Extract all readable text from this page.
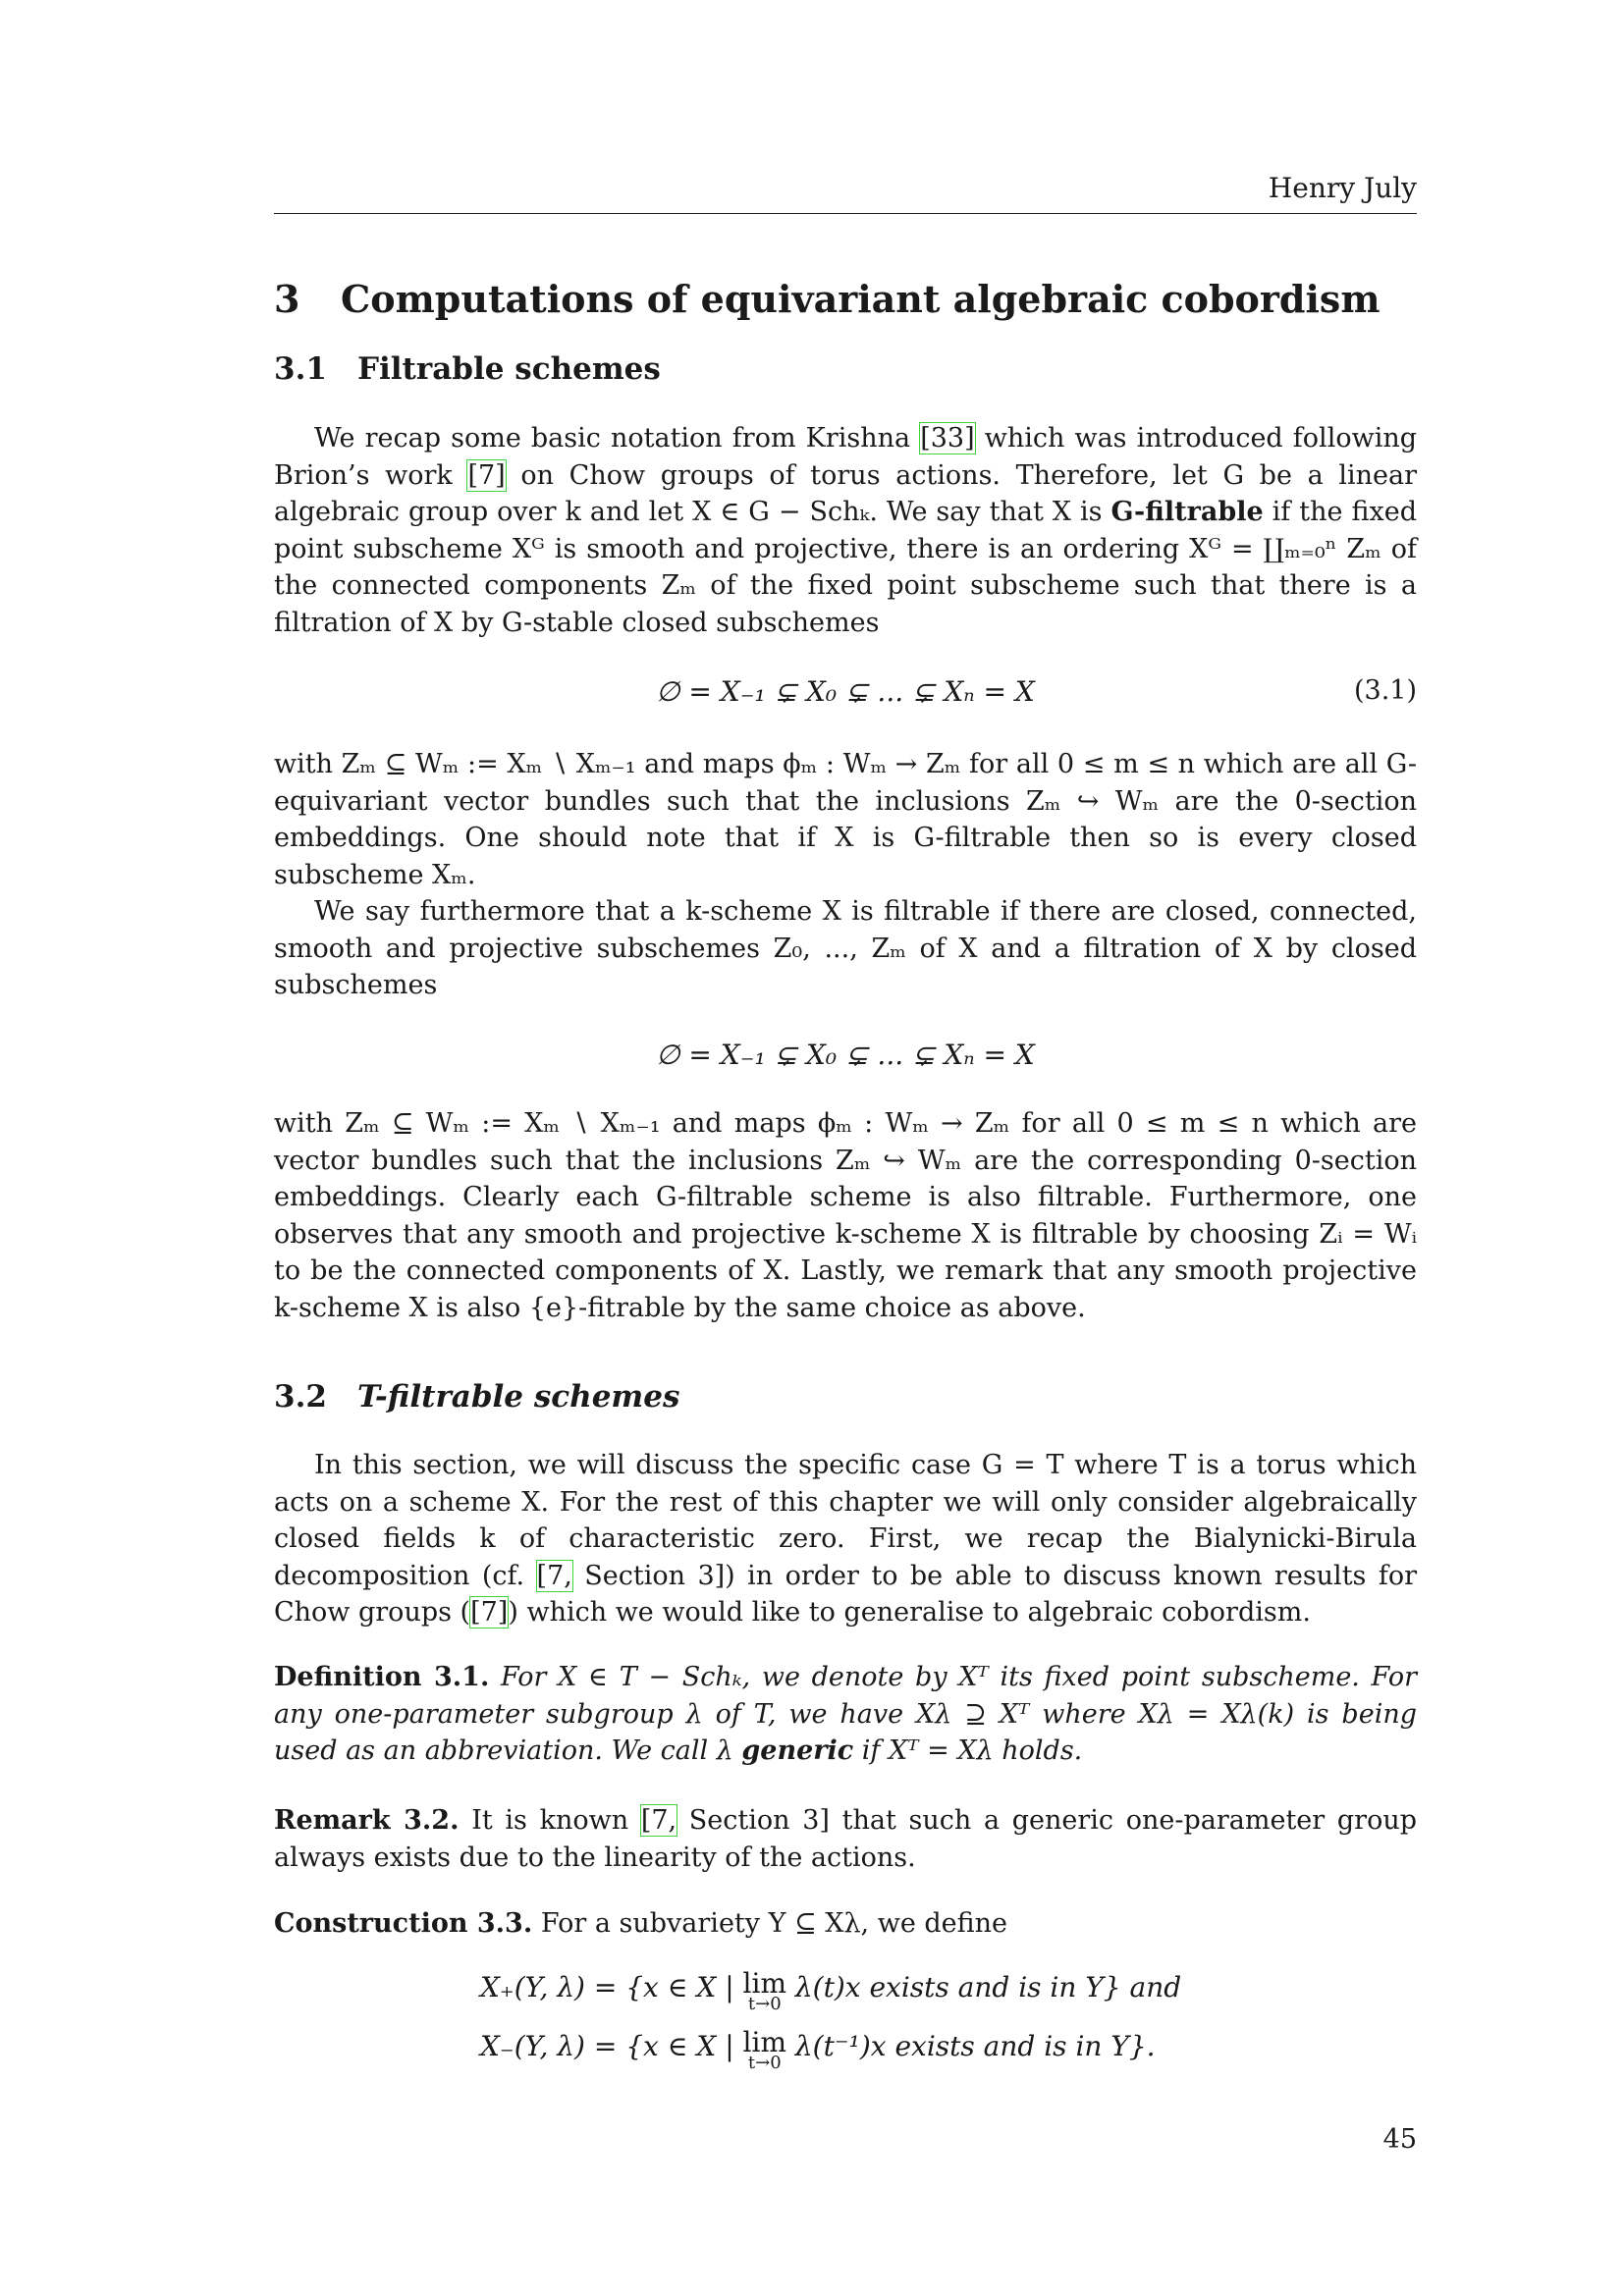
Henry July
3 Computations of equivariant algebraic cobordism
3.1 Filtrable schemes
We recap some basic notation from Krishna [33] which was introduced following Brion’s work [7] on Chow groups of torus actions. Therefore, let G be a linear algebraic group over k and let X ∈ G − Schₖ. We say that X is G-filtrable if the fixed point subscheme Xᴳ is smooth and projective, there is an ordering Xᴳ = ∐ₘ₌₀ⁿ Zₘ of the connected components Zₘ of the fixed point subscheme such that there is a filtration of X by G-stable closed subschemes
∅ = X₋₁ ⊊ X₀ ⊊ ... ⊊ Xₙ = X	(3.1)
with Zₘ ⊆ Wₘ := Xₘ ∖ Xₘ₋₁ and maps ϕₘ : Wₘ → Zₘ for all 0 ≤ m ≤ n which are all G-equivariant vector bundles such that the inclusions Zₘ ↪ Wₘ are the 0-section embeddings. One should note that if X is G-filtrable then so is every closed subscheme Xₘ.
We say furthermore that a k-scheme X is filtrable if there are closed, connected, smooth and projective subschemes Z₀, ..., Zₘ of X and a filtration of X by closed subschemes
∅ = X₋₁ ⊊ X₀ ⊊ ... ⊊ Xₙ = X
with Zₘ ⊆ Wₘ := Xₘ ∖ Xₘ₋₁ and maps ϕₘ : Wₘ → Zₘ for all 0 ≤ m ≤ n which are vector bundles such that the inclusions Zₘ ↪ Wₘ are the corresponding 0-section embeddings. Clearly each G-filtrable scheme is also filtrable. Furthermore, one observes that any smooth and projective k-scheme X is filtrable by choosing Zᵢ = Wᵢ to be the connected components of X. Lastly, we remark that any smooth projective k-scheme X is also {e}-fitrable by the same choice as above.
3.2 T-filtrable schemes
In this section, we will discuss the specific case G = T where T is a torus which acts on a scheme X. For the rest of this chapter we will only consider algebraically closed fields k of characteristic zero. First, we recap the Bialynicki-Birula decomposition (cf. [7, Section 3]) in order to be able to discuss known results for Chow groups ([7]) which we would like to generalise to algebraic cobordism.
Definition 3.1. For X ∈ T − Schₖ, we denote by Xᵀ its fixed point subscheme. For any one-parameter subgroup λ of T, we have Xλ ⊇ Xᵀ where Xλ = Xλ(k) is being used as an abbreviation. We call λ generic if Xᵀ = Xλ holds.
Remark 3.2. It is known [7, Section 3] that such a generic one-parameter group always exists due to the linearity of the actions.
Construction 3.3. For a subvariety Y ⊆ Xλ, we define
X₊(Y, λ) = {x ∈ X | lim
t→0
λ(t)x exists and is in Y} and
X₋(Y, λ) = {x ∈ X | lim
t→0
λ(t⁻¹)x exists and is in Y}.
45
